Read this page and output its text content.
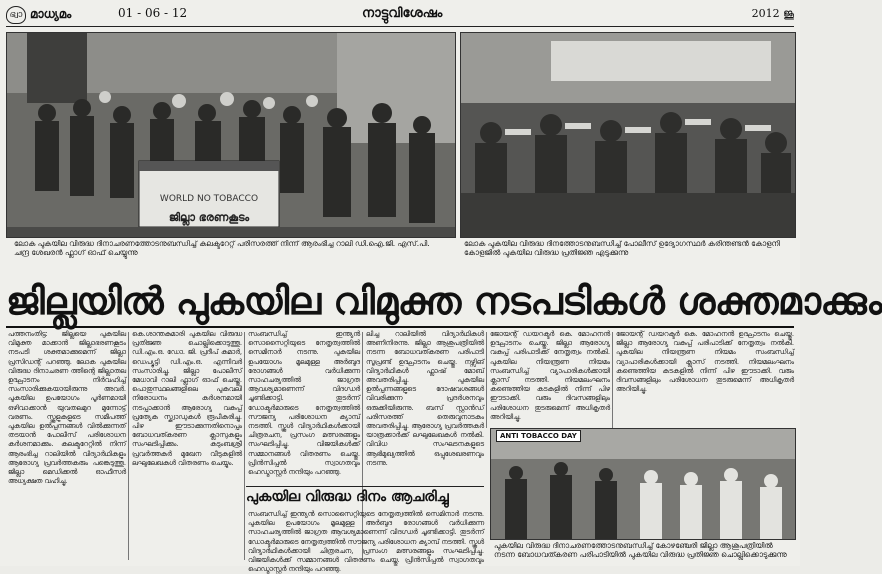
ഭ്വാ മാധ്യമം	01 - 06 - 12	നാട്ടുവിശേഷം	2012 ജൂ
WORLD NO TOBACCO
ജില്ലാ ഭരണകൂടം
ലോക പുകയില വിരുദ്ധ ദിനാചരണത്തോടനുബന്ധിച്ച് കലക്ടറേറ്റ് പരിസരത്ത് നിന്ന് ആരംഭിച്ച റാലി ഡി.ഐ.ജി. എസ്.പി. ചന്ദ്ര ശേഖരൻ ഫ്ലാഗ് ഓഫ് ചെയ്യുന്നു
ലോക പുകയില വിരുദ്ധ ദിനത്തോടനുബന്ധിച്ച് പോലീസ് ഉദ്യോഗസ്ഥർ കരിന്തണ്ടൻ കോളനി കോളജിൽ പുകയില വിരുദ്ധ പ്രതിജ്ഞ എടുക്കുന്നു
ജില്ലയിൽ പുകയില വിമുക്ത നടപടികൾ ശക്തമാക്കും

പത്തനംതിട്ട: ജില്ലയെ പുകയില വിമുക്ത മാക്കാൻ ജില്ലാഭരണകൂടം നടപടി ശക്തമാക്കുമെന്ന് ജില്ലാ പ്രസിഡന്റ് പറഞ്ഞു. ലോക പുകയില വിരുദ്ധ ദിനാചരണ ത്തിന്റെ ജില്ലാതല ഉദ്ഘാടനം നിർവഹിച്ച് സംസാരിക്കുകയായിരുന്നു അവർ. പുകയില ഉപയോഗം പൂർണമായി ഒഴിവാക്കാൻ യുവതലമുറ മുന്നോട്ട് വരണം. സ്കൂളുകളുടെ സമീപത്ത് പുകയില ഉൽപ്പന്നങ്ങൾ വിൽക്കുന്നത് തടയാൻ പോലീസ് പരിശോധന കർശനമാക്കും. കലക്ടറേറ്റിൽ നിന്ന് ആരംഭിച്ച റാലിയിൽ വിദ്യാർഥികളും ആരോഗ്യ പ്രവർത്തകരും പങ്കെടുത്തു. ജില്ലാ മെഡിക്കൽ ഓഫീസർ അധ്യക്ഷത വഹിച്ചു.

കെ.ശാന്തകുമാരി പുകയില വിരുദ്ധ പ്രതിജ്ഞ ചൊല്ലിക്കൊടുത്തു. ഡി.എം.ഒ. ഡോ. ജി. പ്രദീപ് കുമാർ, ഡെപ്യൂട്ടി ഡി.എം.ഒ. എന്നിവർ സംസാരിച്ചു. ജില്ലാ പോലീസ് മേധാവി റാലി ഫ്ലാഗ് ഓഫ് ചെയ്തു. പൊതുസ്ഥലങ്ങളിലെ പുകവലി നിരോധനം കർശനമായി നടപ്പാക്കാൻ ആരോഗ്യ വകുപ്പ് പ്രത്യേക സ്ക്വാഡുകൾ രൂപീകരിച്ചു. പിഴ ഈടാക്കുന്നതിനൊപ്പം ബോധവത്കരണ ക്ലാസുകളും സംഘടിപ്പിക്കും. കുടുംബശ്രീ പ്രവർത്തകർ മുഖേന വീടുകളിൽ ലഘുലേഖകൾ വിതരണം ചെയ്യും.

സംബന്ധിച്ച് ഇന്ത്യൻ സൊസൈറ്റിയുടെ നേതൃത്വത്തിൽ സെമിനാർ നടന്നു. പുകയില ഉപയോഗം മൂലമുള്ള അർബുദ രോഗങ്ങൾ വർധിക്കുന്ന സാഹചര്യത്തിൽ ജാഗ്രത ആവശ്യമാണെന്ന് വിദഗ്ധർ ചൂണ്ടിക്കാട്ടി. തുടർന്ന് ഡോക്ടർമാരുടെ നേതൃത്വത്തിൽ സൗജന്യ പരിശോധന ക്യാമ്പ് നടത്തി. സ്കൂൾ വിദ്യാർഥികൾക്കായി ചിത്രരചന, പ്രസംഗ മത്സരങ്ങളും സംഘടിപ്പിച്ചു. വിജയികൾക്ക് സമ്മാനങ്ങൾ വിതരണം ചെയ്തു. പ്രിൻസിപ്പൽ സ്വാഗതവും ഹെഡ്മാസ്റ്റർ നന്ദിയും പറഞ്ഞു.

ലിച്ച റാലിയിൽ വിദ്യാർഥികൾ അണിനിരന്നു. ജില്ലാ ആശുപത്രിയിൽ നടന്ന ബോധവത്കരണ പരിപാടി സൂപ്രണ്ട് ഉദ്ഘാടനം ചെയ്തു. നഴ്സിങ് വിദ്യാർഥികൾ ഫ്ലാഷ് മോബ് അവതരിപ്പിച്ചു. പുകയില ഉൽപ്പന്നങ്ങളുടെ ദോഷവശങ്ങൾ വിവരിക്കുന്ന പ്രദർശനവും ഒരുക്കിയിരുന്നു. ബസ് സ്റ്റാൻഡ് പരിസരത്ത് തെരുവുനാടകം അവതരിപ്പിച്ചു. ആരോഗ്യ പ്രവർത്തകർ യാത്രക്കാർക്ക് ലഘുലേഖകൾ നൽകി. വിവിധ സംഘടനകളുടെ ആഭിമുഖ്യത്തിൽ ഒപ്പുശേഖരണവും നടന്നു.

ജോയന്റ് ഡയറക്ടർ കെ. മോഹനൻ ഉദ്ഘാടനം ചെയ്തു. ജില്ലാ ആരോഗ്യ വകുപ്പ് പരിപാടിക്ക് നേതൃത്വം നൽകി. പുകയില നിയന്ത്രണ നിയമം സംബന്ധിച്ച് വ്യാപാരികൾക്കായി ക്ലാസ് നടത്തി. നിയമലംഘനം കണ്ടെത്തിയ കടകളിൽ നിന്ന് പിഴ ഈടാക്കി. വരും ദിവസങ്ങളിലും പരിശോധന തുടരുമെന്ന് അധികൃതർ അറിയിച്ചു.

ജോയന്റ് ഡയറക്ടർ കെ. മോഹനൻ ഉദ്ഘാടനം ചെയ്തു. ജില്ലാ ആരോഗ്യ വകുപ്പ് പരിപാടിക്ക് നേതൃത്വം നൽകി. പുകയില നിയന്ത്രണ നിയമം സംബന്ധിച്ച് വ്യാപാരികൾക്കായി ക്ലാസ് നടത്തി. നിയമലംഘനം കണ്ടെത്തിയ കടകളിൽ നിന്ന് പിഴ ഈടാക്കി. വരും ദിവസങ്ങളിലും പരിശോധന തുടരുമെന്ന് അധികൃതർ അറിയിച്ചു.

പുകയില വിരുദ്ധ ദിനം ആചരിച്ചു

സംബന്ധിച്ച് ഇന്ത്യൻ സൊസൈറ്റിയുടെ നേതൃത്വത്തിൽ സെമിനാർ നടന്നു. പുകയില ഉപയോഗം മൂലമുള്ള അർബുദ രോഗങ്ങൾ വർധിക്കുന്ന സാഹചര്യത്തിൽ ജാഗ്രത ആവശ്യമാണെന്ന് വിദഗ്ധർ ചൂണ്ടിക്കാട്ടി. തുടർന്ന് ഡോക്ടർമാരുടെ നേതൃത്വത്തിൽ സൗജന്യ പരിശോധന ക്യാമ്പ് നടത്തി. സ്കൂൾ വിദ്യാർഥികൾക്കായി ചിത്രരചന, പ്രസംഗ മത്സരങ്ങളും സംഘടിപ്പിച്ചു. വിജയികൾക്ക് സമ്മാനങ്ങൾ വിതരണം ചെയ്തു. പ്രിൻസിപ്പൽ സ്വാഗതവും ഹെഡ്മാസ്റ്റർ നന്ദിയും പറഞ്ഞു.

ANTI TOBACCO DAY
പുകയില വിരുദ്ധ ദിനാചരണത്തോടനുബന്ധിച്ച് കോഴഞ്ചേരി ജില്ലാ ആശുപത്രിയിൽ നടന്ന ബോധവത്കരണ പരിപാടിയിൽ പുകയില വിരുദ്ധ പ്രതിജ്ഞ ചൊല്ലിക്കൊടുക്കുന്നു
